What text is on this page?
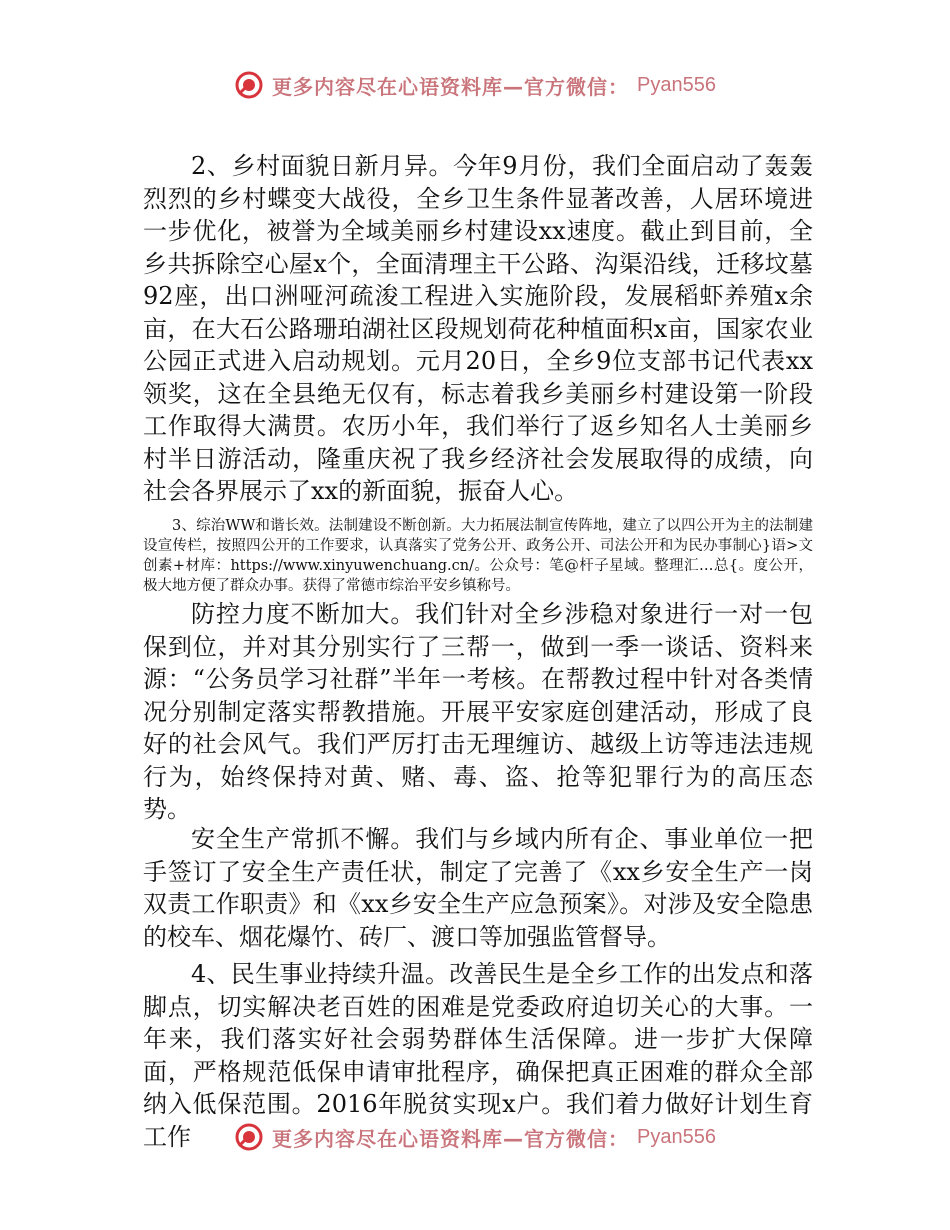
更多内容尽在心语资料库—官方微信： Pyan556

2、乡村面貌日新月异。今年9月份，我们全面启动了轰轰烈烈的乡村蝶变大战役，全乡卫生条件显著改善，人居环境进一步优化，被誉为全域美丽乡村建设xx速度。截止到目前，全乡共拆除空心屋x个，全面清理主干公路、沟渠沿线，迁移坟墓92座，出口洲哑河疏浚工程进入实施阶段，发展稻虾养殖x余亩，在大石公路珊珀湖社区段规划荷花种植面积x亩，国家农业公园正式进入启动规划。元月20日，全乡9位支部书记代表xx领奖，这在全县绝无仅有，标志着我乡美丽乡村建设第一阶段工作取得大满贯。农历小年，我们举行了返乡知名人士美丽乡村半日游活动，隆重庆祝了我乡经济社会发展取得的成绩，向社会各界展示了xx的新面貌，振奋人心。

3、综治WW和谐长效。法制建设不断创新。大力拓展法制宣传阵地，建立了以四公开为主的法制建设宣传栏，按照四公开的工作要求，认真落实了党务公开、政务公开、司法公开和为民办事制心}语>文创素+材库：https://www.xinyuwenchuang.cn/。公众号：笔@杆子星域。整理汇…总{。度公开，极大地方便了群众办事。获得了常德市综治平安乡镇称号。

防控力度不断加大。我们针对全乡涉稳对象进行一对一包保到位，并对其分别实行了三帮一，做到一季一谈话、资料来源：“公务员学习社群”半年一考核。在帮教过程中针对各类情况分别制定落实帮教措施。开展平安家庭创建活动，形成了良好的社会风气。我们严厉打击无理缠访、越级上访等违法违规行为，始终保持对黄、赌、毒、盗、抢等犯罪行为的高压态势。

安全生产常抓不懈。我们与乡域内所有企、事业单位一把手签订了安全生产责任状，制定了完善了《xx乡安全生产一岗双责工作职责》和《xx乡安全生产应急预案》。对涉及安全隐患的校车、烟花爆竹、砖厂、渡口等加强监管督导。

4、民生事业持续升温。改善民生是全乡工作的出发点和落脚点，切实解决老百姓的困难是党委政府迫切关心的大事。一年来，我们落实好社会弱势群体生活保障。进一步扩大保障面，严格规范低保申请审批程序，确保把真正困难的群众全部纳入低保范围。2016年脱贫实现x户。我们着力做好计划生育工作	更多内容尽在心语资料库—官方微信： Pyan556
